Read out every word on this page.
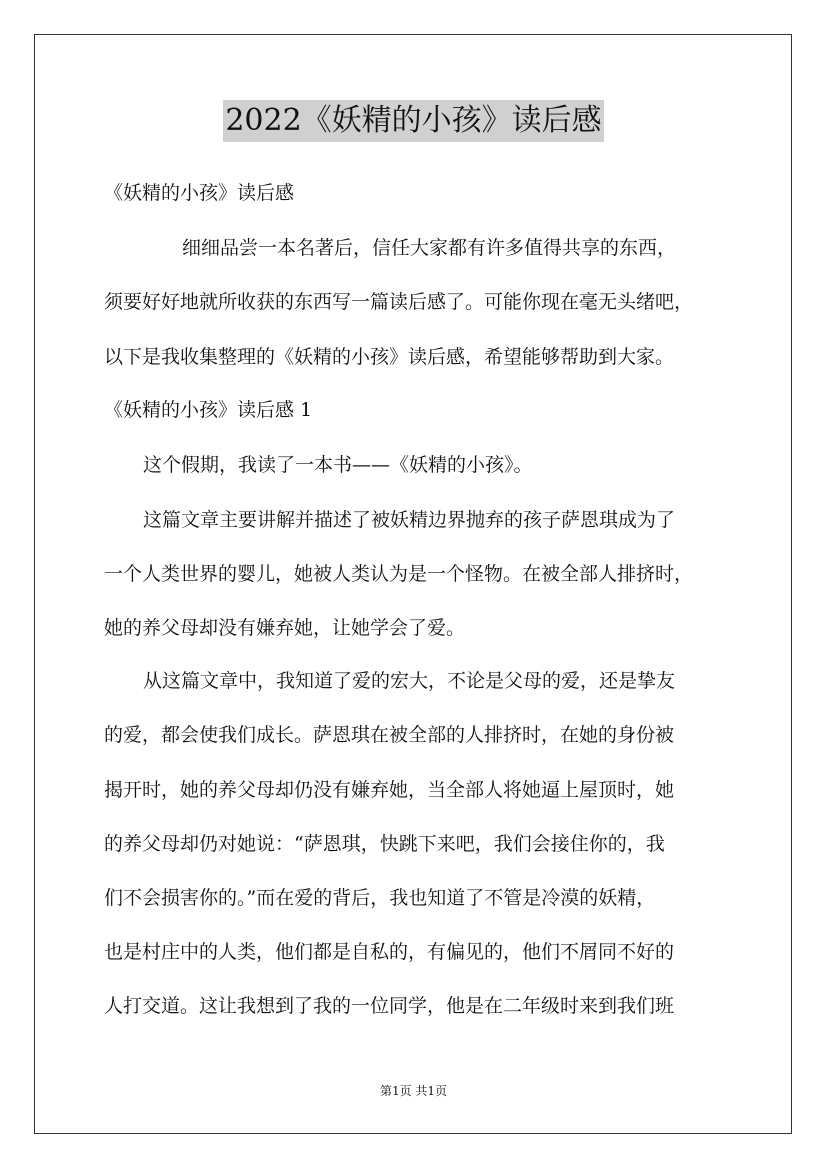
2022《妖精的小孩》读后感
《妖精的小孩》读后感
细细品尝一本名著后，信任大家都有许多值得共享的东西，
须要好好地就所收获的东西写一篇读后感了。可能你现在毫无头绪吧，
以下是我收集整理的《妖精的小孩》读后感，希望能够帮助到大家。
《妖精的小孩》读后感 1
这个假期，我读了一本书——《妖精的小孩》。
这篇文章主要讲解并描述了被妖精边界抛弃的孩子萨恩琪成为了
一个人类世界的婴儿，她被人类认为是一个怪物。在被全部人排挤时，
她的养父母却没有嫌弃她，让她学会了爱。
从这篇文章中，我知道了爱的宏大，不论是父母的爱，还是挚友
的爱，都会使我们成长。萨恩琪在被全部的人排挤时，在她的身份被
揭开时，她的养父母却仍没有嫌弃她，当全部人将她逼上屋顶时，她
的养父母却仍对她说：“萨恩琪，快跳下来吧，我们会接住你的，我
们不会损害你的。”而在爱的背后，我也知道了不管是冷漠的妖精，
也是村庄中的人类，他们都是自私的，有偏见的，他们不屑同不好的
人打交道。这让我想到了我的一位同学，他是在二年级时来到我们班
第1页 共1页
